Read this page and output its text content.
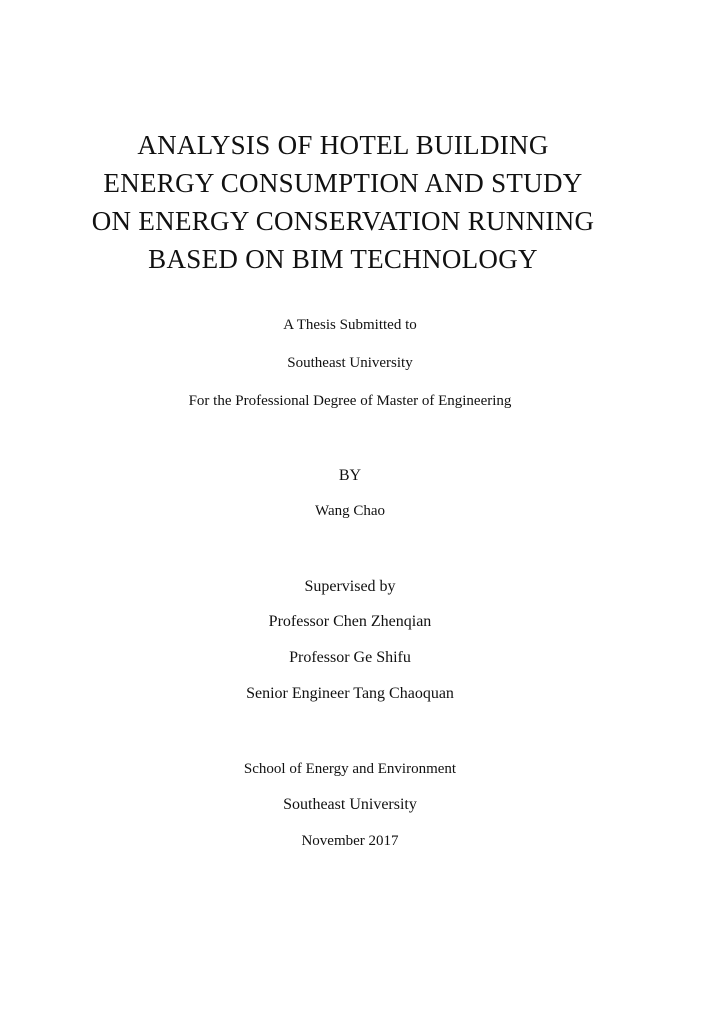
ANALYSIS OF HOTEL BUILDING
ENERGY CONSUMPTION AND STUDY
ON ENERGY CONSERVATION RUNNING
BASED ON BIM TECHNOLOGY
A Thesis Submitted to
Southeast University
For the Professional Degree of Master of Engineering
BY
Wang Chao
Supervised by
Professor Chen Zhenqian
Professor Ge Shifu
Senior Engineer Tang Chaoquan
School of Energy and Environment
Southeast University
November 2017
